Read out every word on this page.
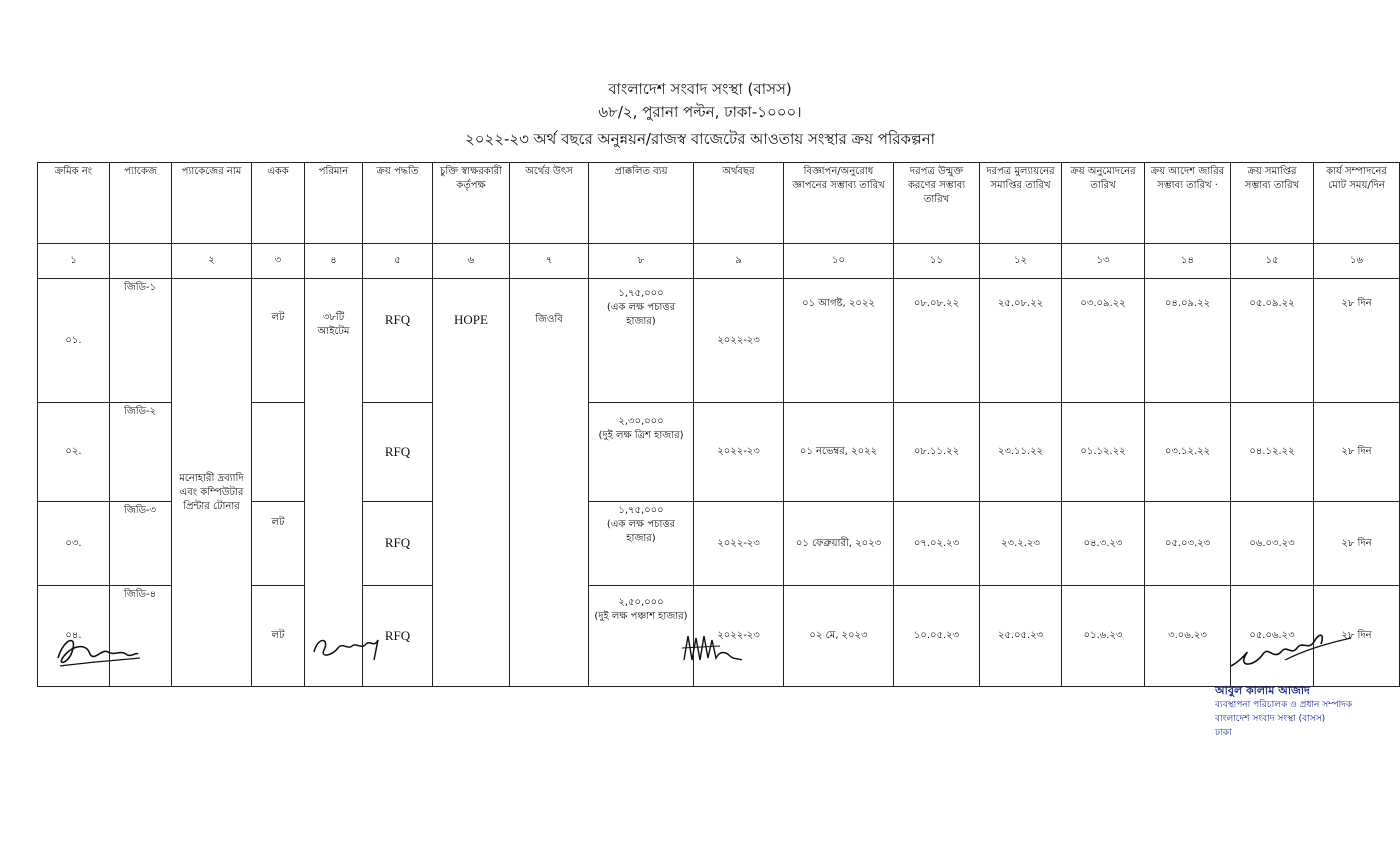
বাংলাদেশ সংবাদ সংস্থা (বাসস)
৬৮/২, পুরানা পল্টন, ঢাকা-১০০০।
২০২২-২৩ অর্থ বছরে অনুন্নয়ন/রাজস্ব বাজেটের আওতায় সংস্থার ক্রয় পরিকল্পনা
ক্রমিক নং	প্যাকেজ	প্যাকেজের নাম	একক	পরিমান	ক্রয় পদ্ধতি	চুক্তি স্বাক্ষরকারী কর্তৃপক্ষ	অর্থের উৎস	প্রাক্কলিত ব্যয়	অর্থবছর	বিজ্ঞাপন/অনুরোধ জ্ঞাপনের সম্ভাব্য তারিখ	দরপত্র উন্মুক্ত করণের সম্ভাব্য তারিখ	দরপত্র মুল্যায়নের সমাপ্তির তারিখ	ক্রয় অনুমোদনের তারিখ	ক্রয় আদেশ জারির সম্ভাব্য তারিখ ·	ক্রয় সমাপ্তির সম্ভাব্য তারিখ	কার্য সম্পাদনের মোট সময়/দিন
১		২	৩	৪	৫	৬	৭	৮	৯	১০	১১	১২	১৩	১৪	১৫	১৬
০১.	জিডি-১	মনোহারী দ্রব্যাদি এবং কম্পিউটার প্রিন্টার টোনার	লট	৩৮টি আইটেম	RFQ	HOPE	জিওবি	১,৭৫,০০০
(এক লক্ষ পচাত্তর হাজার)	২০২২-২৩	০১ আগষ্ট, ২০২২	০৮.০৮.২২	২৫.০৮.২২	০৩.০৯.২২	০৪.০৯.২২	০৫.০৯.২২	২৮ দিন
০২.	জিডি-২				RFQ			২,৩০,০০০
(দুই লক্ষ ত্রিশ হাজার)	২০২২-২৩	০১ নভেম্বর, ২০২২	০৮.১১.২২	২৩.১১.২২	০১.১২.২২	০৩.১২.২২	০৪.১২.২২	২৮ দিন
০৩.	জিডি-৩		লট		RFQ			১,৭৫,০০০
(এক লক্ষ পচাত্তর হাজার)	২০২২-২৩	০১ ফেব্রুয়ারী, ২০২৩	০৭.০২.২৩	২৩.২.২৩	০৪.৩.২৩	০৫.০৩.২৩	০৬.০৩.২৩	২৮ দিন
০৪.	জিডি-৪		লট		RFQ			২,৫০,০০০
(দুই লক্ষ পঞ্চাশ হাজার)	২০২২-২৩	০২ মে, ২০২৩	১০.০৫.২৩	২৫.০৫.২৩	০১.৬.২৩	৩.০৬.২৩	০৫.০৬.২৩	২৮ দিন
আবুল কালাম আজাদ
ব্যবস্থাপনা পরিচালক ও প্রধান সম্পাদক
বাংলাদেশ সংবাদ সংস্থা (বাসস)
ঢাকা
